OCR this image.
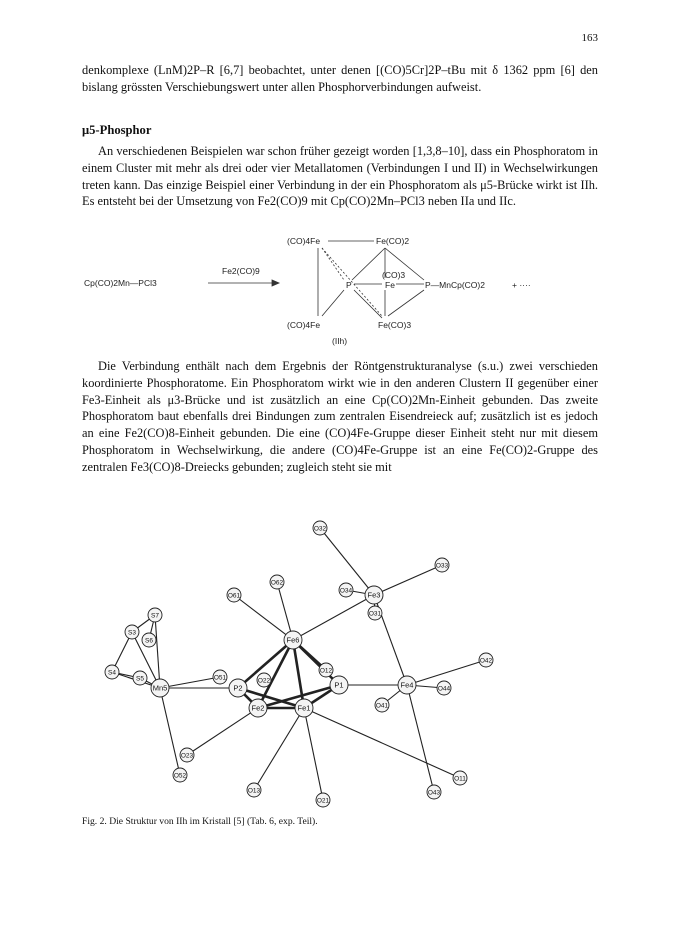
163

denkomplexe (LnM)2P–R [6,7] beobachtet, unter denen [(CO)5Cr]2P–tBu mit δ 1362 ppm [6] den bislang grössten Verschiebungswert unter allen Phosphorverbindungen aufweist.

μ5-Phosphor

An verschiedenen Beispielen war schon früher gezeigt worden [1,3,8–10], dass ein Phosphoratom in einem Cluster mit mehr als drei oder vier Metallatomen (Verbindungen I und II) in Wechselwirkungen treten kann. Das einzige Beispiel einer Verbindung in der ein Phosphoratom als μ5-Brücke wirkt ist IIh. Es entsteht bei der Umsetzung von Fe2(CO)9 mit Cp(CO)2Mn–PCl3 neben IIa und IIc.

Cp(CO)2Mn—PCl3
Fe2(CO)9
(CO)4Fe	Fe(CO)2
(CO)3
P	Fe	P—MnCp(CO)2	+ ····
(CO)4Fe	Fe(CO)3
(IIh)

Die Verbindung enthält nach dem Ergebnis der Röntgenstrukturanalyse (s.u.) zwei verschieden koordinierte Phosphoratome. Ein Phosphoratom wirkt wie in den anderen Clustern II gegenüber einer Fe3-Einheit als μ3-Brücke und ist zusätzlich an eine Cp(CO)2Mn-Einheit gebunden. Das zweite Phosphoratom baut ebenfalls drei Bindungen zum zentralen Eisendreieck auf; zusätzlich ist es jedoch an eine Fe2(CO)8-Einheit gebunden. Die eine (CO)4Fe-Gruppe dieser Einheit steht nur mit diesem Phosphoratom in Wechselwirkung, die andere (CO)4Fe-Gruppe ist an eine Fe(CO)2-Gruppe des zentralen Fe3(CO)8-Dreiecks gebunden; zugleich steht sie mit

O32
O33
O61
O62
O34 Fe3
O31
S7
S3
S6	Fe6
S4
S5
Mn5
O51	O22
O12
P2	P1
O42
O44
Fe4
Fe2	Fe1	O41
O23
O11
O52
O13
O21
O43

Fig. 2. Die Struktur von IIh im Kristall [5] (Tab. 6, exp. Teil).
